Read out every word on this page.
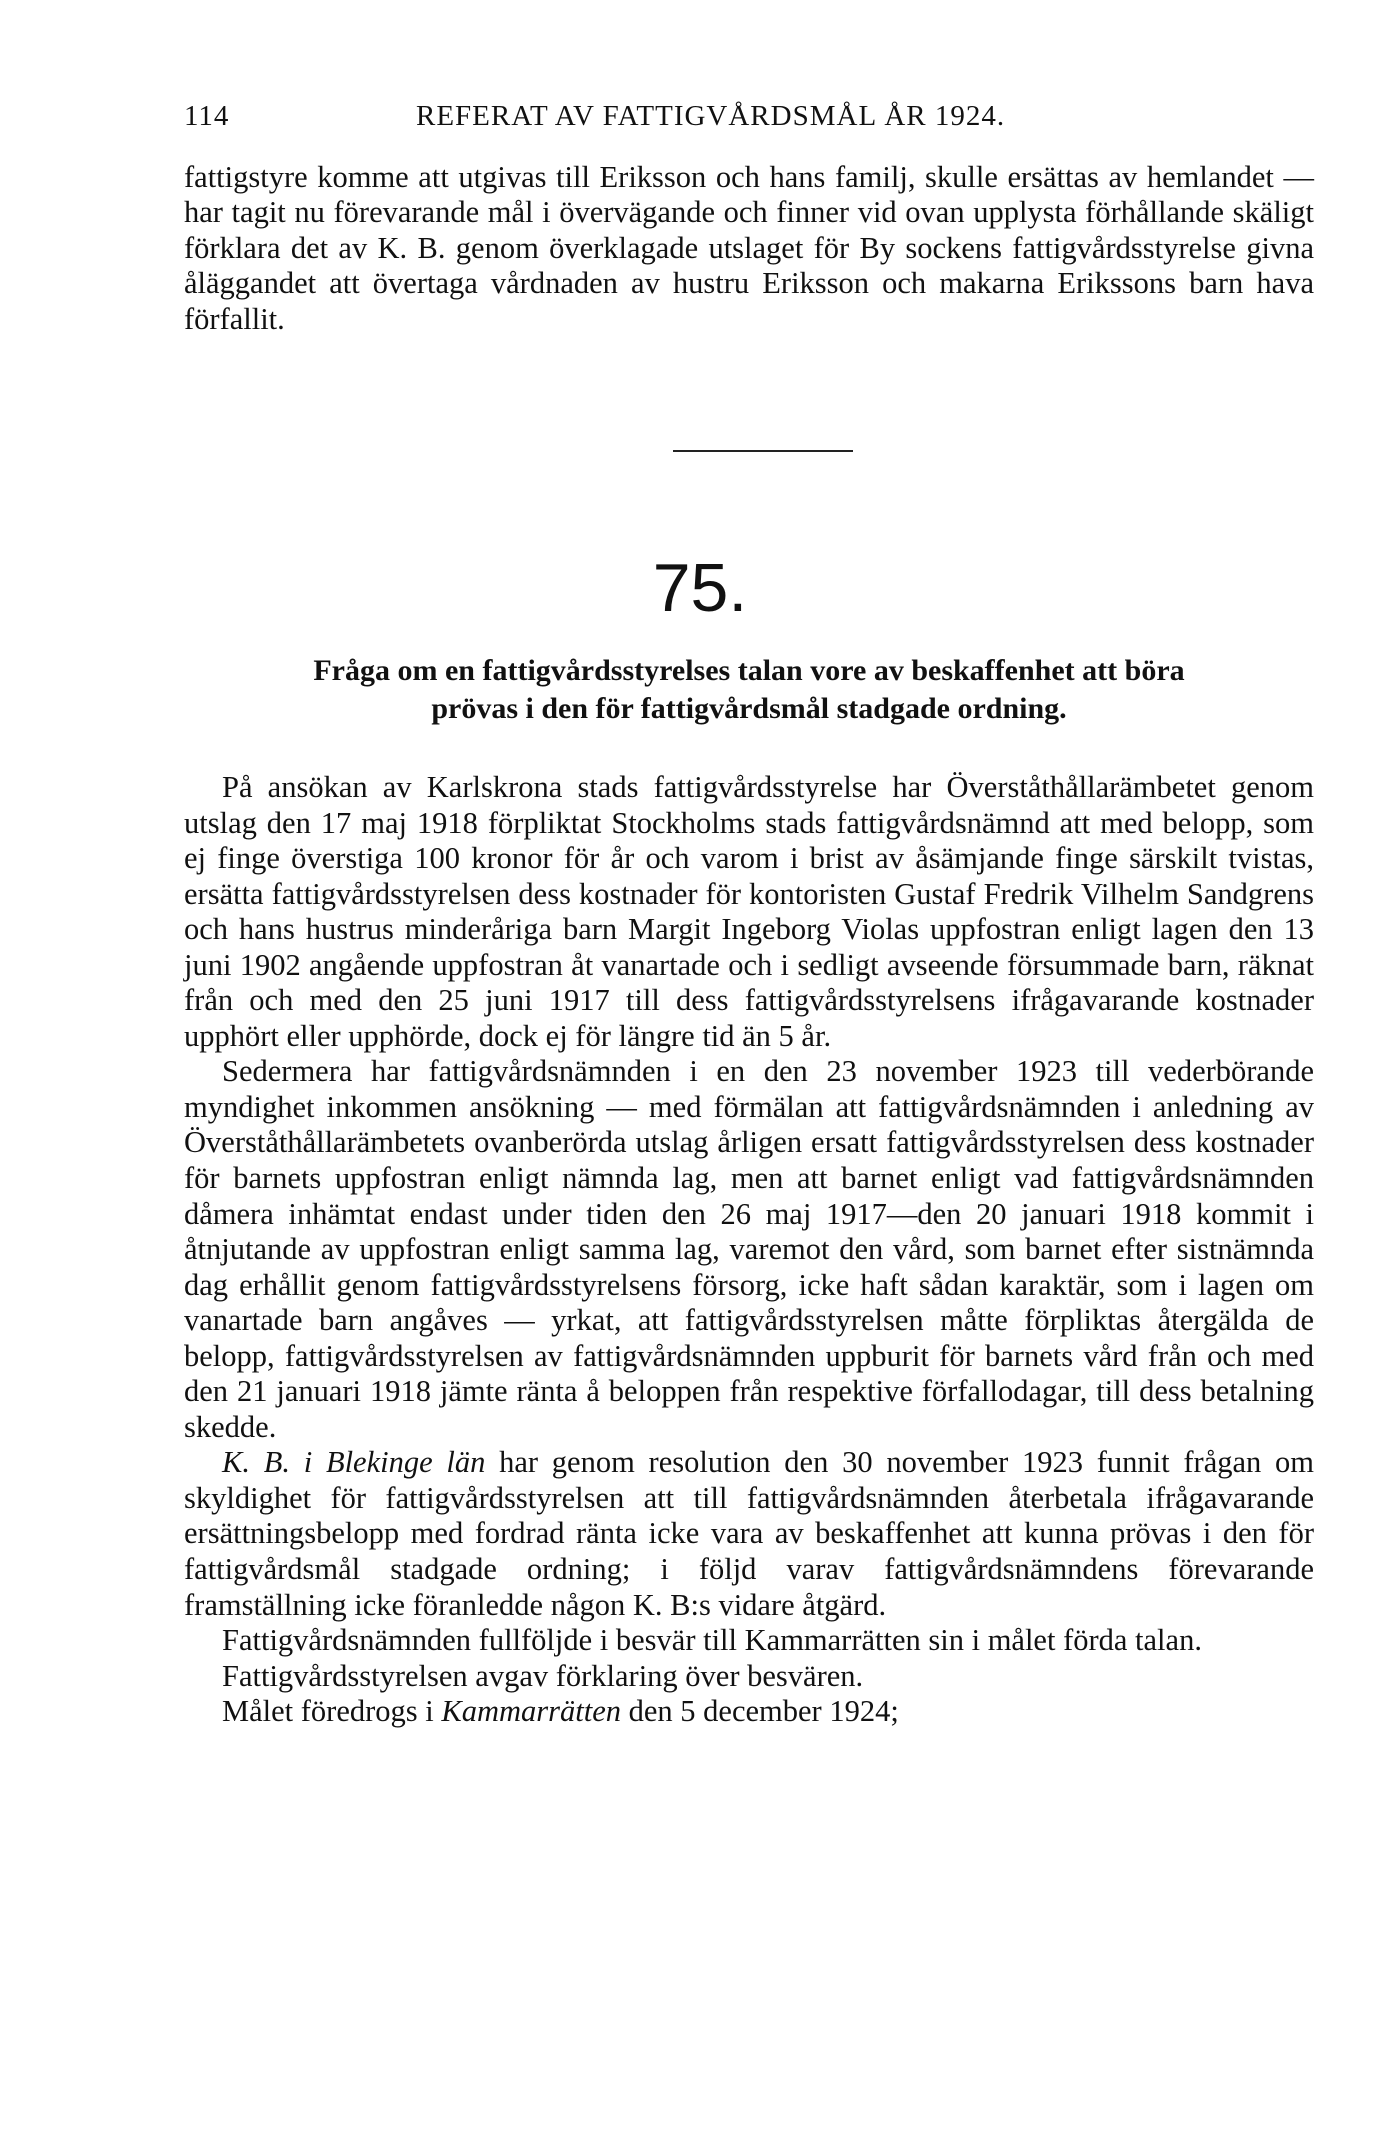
114	REFERAT AV FATTIGVÅRDSMÅL ÅR 1924.

fattigstyre komme att utgivas till Eriksson och hans familj, skulle ersättas av hemlandet — har tagit nu förevarande mål i övervägande och finner vid ovan upplysta förhållande skäligt förklara det av K. B. genom överklagade utslaget för By sockens fattigvårdsstyrelse givna åläggandet att övertaga vårdnaden av hustru Eriksson och makarna Erikssons barn hava förfallit.

75.
Fråga om en fattigvårdsstyrelses talan vore av beskaffenhet att böra
prövas i den för fattigvårdsmål stadgade ordning.

På ansökan av Karlskrona stads fattigvårdsstyrelse har Överståthållarämbetet genom utslag den 17 maj 1918 förpliktat Stockholms stads fattigvårdsnämnd att med belopp, som ej finge överstiga 100 kronor för år och varom i brist av åsämjande finge särskilt tvistas, ersätta fattigvårdsstyrelsen dess kostnader för kontoristen Gustaf Fredrik Vilhelm Sandgrens och hans hustrus minderåriga barn Margit Ingeborg Violas uppfostran enligt lagen den 13 juni 1902 angående uppfostran åt vanartade och i sedligt avseende försummade barn, räknat från och med den 25 juni 1917 till dess fattigvårdsstyrelsens ifrågavarande kostnader upphört eller upphörde, dock ej för längre tid än 5 år.

Sedermera har fattigvårdsnämnden i en den 23 november 1923 till vederbörande myndighet inkommen ansökning — med förmälan att fattigvårdsnämnden i anledning av Överståthållarämbetets ovanberörda utslag årligen ersatt fattigvårdsstyrelsen dess kostnader för barnets uppfostran enligt nämnda lag, men att barnet enligt vad fattigvårdsnämnden dåmera inhämtat endast under tiden den 26 maj 1917—den 20 januari 1918 kommit i åtnjutande av uppfostran enligt samma lag, varemot den vård, som barnet efter sistnämnda dag erhållit genom fattigvårdsstyrelsens försorg, icke haft sådan karaktär, som i lagen om vanartade barn angåves — yrkat, att fattigvårdsstyrelsen måtte förpliktas återgälda de belopp, fattigvårdsstyrelsen av fattigvårdsnämnden uppburit för barnets vård från och med den 21 januari 1918 jämte ränta å beloppen från respektive förfallodagar, till dess betalning skedde.

K. B. i Blekinge län har genom resolution den 30 november 1923 funnit frågan om skyldighet för fattigvårdsstyrelsen att till fattigvårdsnämnden återbetala ifrågavarande ersättningsbelopp med fordrad ränta icke vara av beskaffenhet att kunna prövas i den för fattigvårdsmål stadgade ordning; i följd varav fattigvårdsnämndens förevarande framställning icke föranledde någon K. B:s vidare åtgärd.

Fattigvårdsnämnden fullföljde i besvär till Kammarrätten sin i målet förda talan.

Fattigvårdsstyrelsen avgav förklaring över besvären.

Målet föredrogs i Kammarrätten den 5 december 1924;
